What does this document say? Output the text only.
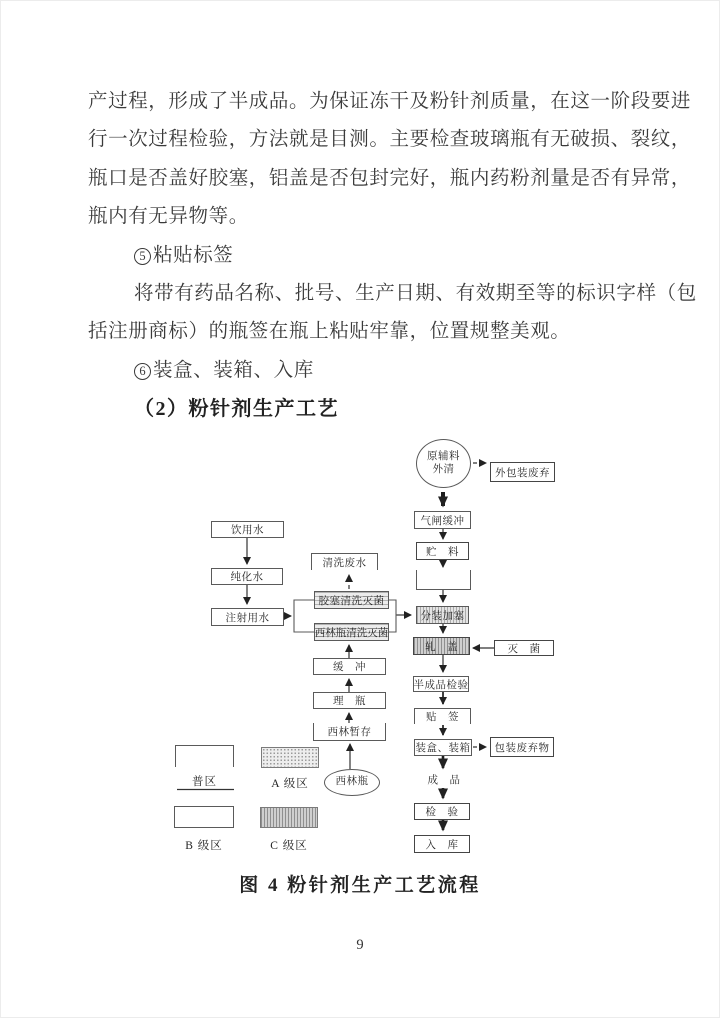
产过程，形成了半成品。为保证冻干及粉针剂质量，在这一阶段要进
行一次过程检验，方法就是目测。主要检查玻璃瓶有无破损、裂纹，
瓶口是否盖好胶塞，铝盖是否包封完好，瓶内药粉剂量是否有异常，
瓶内有无异物等。
5 粘贴标签
将带有药品名称、批号、生产日期、有效期至等的标识字样（包
括注册商标）的瓶签在瓶上粘贴牢靠，位置规整美观。
6 装盒、装箱、入库
（2）粉针剂生产工艺
原辅料
外清	外包装废弃
气闸缓冲
贮　料
分装加塞
轧　盖	灭　菌
半成品检验
贴　签
装盒、装箱	包装废弃物
成　品
检　验
入　库
饮用水
纯化水
注射用水
清洗废水
胶塞清洗灭菌
西林瓶清洗灭菌
缓　冲
理　瓶
西林暂存
西林瓶
普区	A 级区
B 级区	C 级区
图 4 粉针剂生产工艺流程
9
